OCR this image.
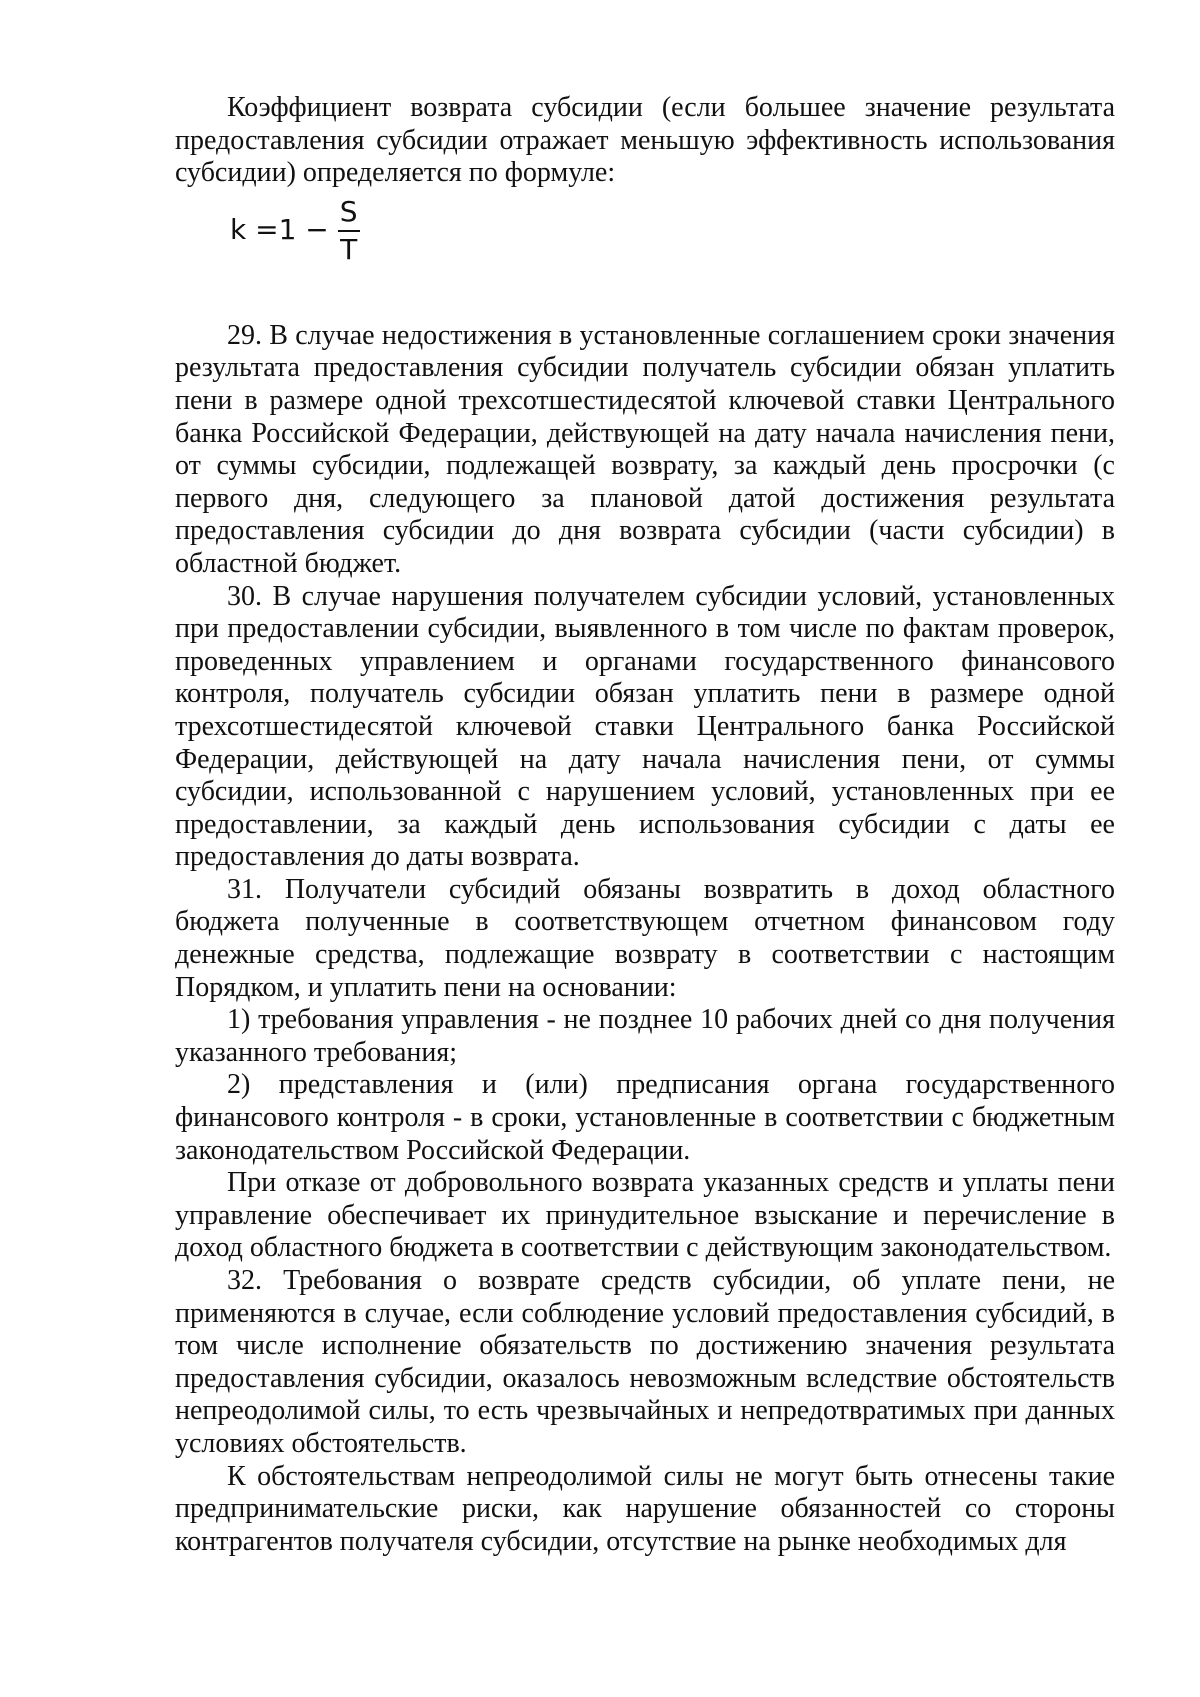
Коэффициент возврата субсидии (если большее значение результата предоставления субсидии отражает меньшую эффективность использования субсидии) определяется по формуле:

$k =1 - \frac{S}{T}$

29. В случае недостижения в установленные соглашением сроки значения результата предоставления субсидии получатель субсидии обязан уплатить пени в размере одной трехсотшестидесятой ключевой ставки Центрального банка Российской Федерации, действующей на дату начала начисления пени, от суммы субсидии, подлежащей возврату, за каждый день просрочки (с первого дня, следующего за плановой датой достижения результата предоставления субсидии до дня возврата субсидии (части субсидии) в областной бюджет.

30. В случае нарушения получателем субсидии условий, установленных при предоставлении субсидии, выявленного в том числе по фактам проверок, проведенных управлением и органами государственного финансового контроля, получатель субсидии обязан уплатить пени в размере одной трехсотшестидесятой ключевой ставки Центрального банка Российской Федерации, действующей на дату начала начисления пени, от суммы субсидии, использованной с нарушением условий, установленных при ее предоставлении, за каждый день использования субсидии с даты ее предоставления до даты возврата.

31. Получатели субсидий обязаны возвратить в доход областного бюджета полученные в соответствующем отчетном финансовом году денежные средства, подлежащие возврату в соответствии с настоящим Порядком, и уплатить пени на основании:

1) требования управления - не позднее 10 рабочих дней со дня получения указанного требования;

2) представления и (или) предписания органа государственного финансового контроля - в сроки, установленные в соответствии с бюджетным законодательством Российской Федерации.

При отказе от добровольного возврата указанных средств и уплаты пени управление обеспечивает их принудительное взыскание и перечисление в доход областного бюджета в соответствии с действующим законодательством.

32. Требования о возврате средств субсидии, об уплате пени, не применяются в случае, если соблюдение условий предоставления субсидий, в том числе исполнение обязательств по достижению значения результата предоставления субсидии, оказалось невозможным вследствие обстоятельств непреодолимой силы, то есть чрезвычайных и непредотвратимых при данных условиях обстоятельств.

К обстоятельствам непреодолимой силы не могут быть отнесены такие предпринимательские риски, как нарушение обязанностей со стороны контрагентов получателя субсидии, отсутствие на рынке необходимых для
